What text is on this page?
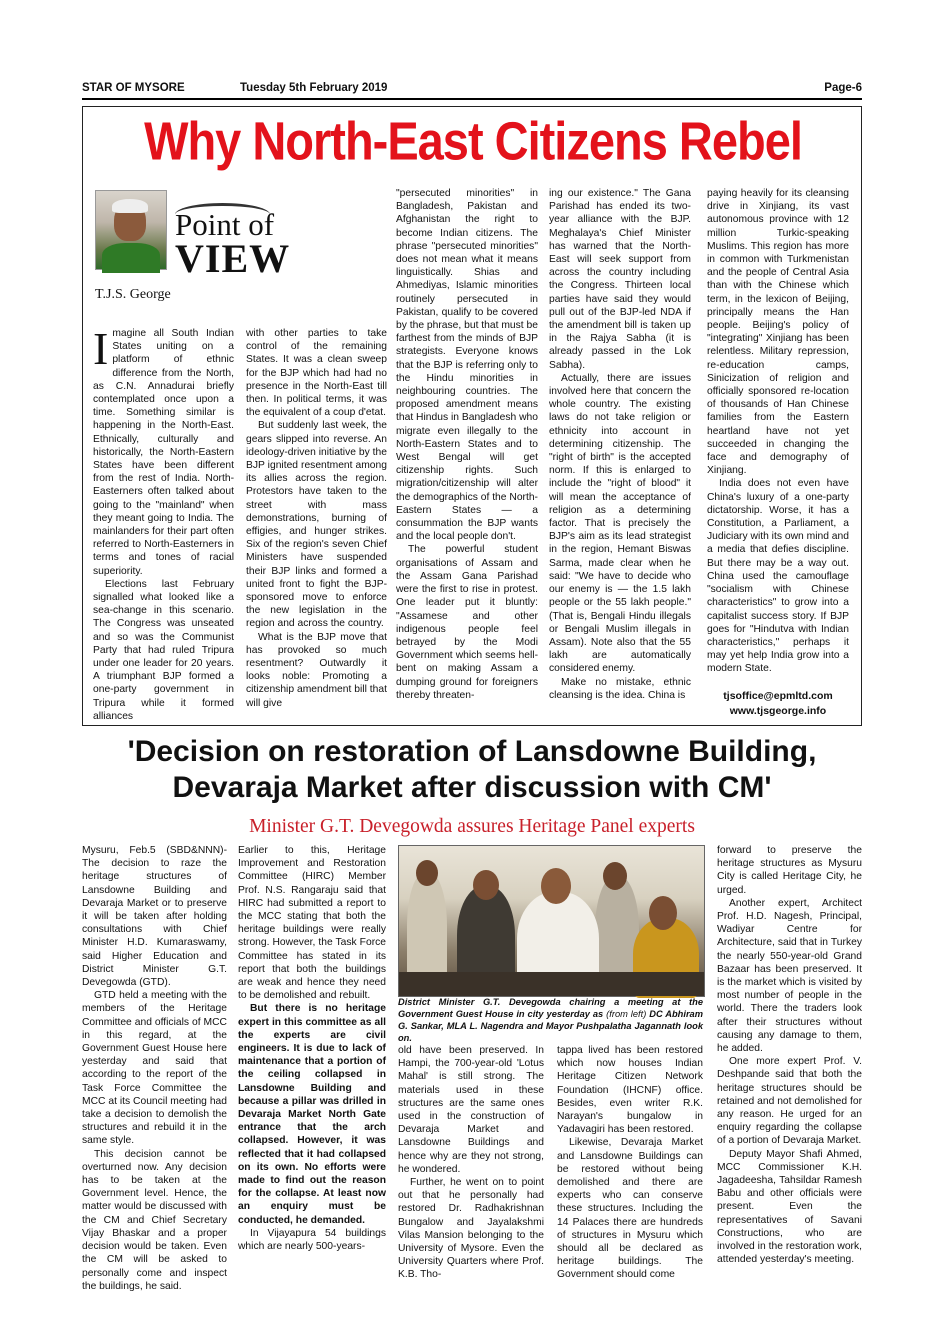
STAR OF MYSORE	Tuesday 5th February 2019	Page-6
Why North-East Citizens Rebel
Point of
VIEW
T.J.S. George

Imagine all South Indian States uniting on a platform of ethnic difference from the North, as C.N. Annadurai briefly contemplated once upon a time. Something similar is happening in the North-East. Ethnically, culturally and historically, the North-Eastern States have been different from the rest of India. North-Easterners often talked about going to the "mainland" when they meant going to India. The mainlanders for their part often referred to North-Easterners in terms and tones of racial superiority.

Elections last February signalled what looked like a sea-change in this scenario. The Congress was unseated and so was the Communist Party that had ruled Tripura under one leader for 20 years. A triumphant BJP formed a one-party government in Tripura while it formed alliances

with other parties to take control of the remaining States. It was a clean sweep for the BJP which had had no presence in the North-East till then. In political terms, it was the equivalent of a coup d'etat.

But suddenly last week, the gears slipped into reverse. An ideology-driven initiative by the BJP ignited resentment among its allies across the region. Protestors have taken to the street with mass demonstrations, burning of effigies, and hunger strikes. Six of the region's seven Chief Ministers have suspended their BJP links and formed a united front to fight the BJP-sponsored move to enforce the new legislation in the region and across the country.

What is the BJP move that has provoked so much resentment? Outwardly it looks noble: Promoting a citizenship amendment bill that will give

"persecuted minorities" in Bangladesh, Pakistan and Afghanistan the right to become Indian citizens. The phrase "persecuted minorities" does not mean what it means linguistically. Shias and Ahmediyas, Islamic minorities routinely persecuted in Pakistan, qualify to be covered by the phrase, but that must be farthest from the minds of BJP strategists. Everyone knows that the BJP is referring only to the Hindu minorities in neighbouring countries. The proposed amendment means that Hindus in Bangladesh who migrate even illegally to the North-Eastern States and to West Bengal will get citizenship rights. Such migration/citizenship will alter the demographics of the North-Eastern States — a consummation the BJP wants and the local people don't.

The powerful student organisations of Assam and the Assam Gana Parishad were the first to rise in protest. One leader put it bluntly: "Assamese and other indigenous people feel betrayed by the Modi Government which seems hell-bent on making Assam a dumping ground for foreigners thereby threaten-

ing our existence." The Gana Parishad has ended its two-year alliance with the BJP. Meghalaya's Chief Minister has warned that the North-East will seek support from across the country including the Congress. Thirteen local parties have said they would pull out of the BJP-led NDA if the amendment bill is taken up in the Rajya Sabha (it is already passed in the Lok Sabha).

Actually, there are issues involved here that concern the whole country. The existing laws do not take religion or ethnicity into account in determining citizenship. The "right of birth" is the accepted norm. If this is enlarged to include the "right of blood" it will mean the acceptance of religion as a determining factor. That is precisely the BJP's aim as its lead strategist in the region, Hemant Biswas Sarma, made clear when he said: "We have to decide who our enemy is — the 1.5 lakh people or the 55 lakh people." (That is, Bengali Hindu illegals or Bengali Muslim illegals in Assam). Note also that the 55 lakh are automatically considered enemy.

Make no mistake, ethnic cleansing is the idea. China is

paying heavily for its cleansing drive in Xinjiang, its vast autonomous province with 12 million Turkic-speaking Muslims. This region has more in common with Turkmenistan and the people of Central Asia than with the Chinese which term, in the lexicon of Beijing, principally means the Han people. Beijing's policy of "integrating" Xinjiang has been relentless. Military repression, re-education camps, Sinicization of religion and officially sponsored re-location of thousands of Han Chinese families from the Eastern heartland have not yet succeeded in changing the face and demography of Xinjiang.

India does not even have China's luxury of a one-party dictatorship. Worse, it has a Constitution, a Parliament, a Judiciary with its own mind and a media that defies discipline. But there may be a way out. China used the camouflage "socialism with Chinese characteristics" to grow into a capitalist success story. If BJP goes for "Hindutva with Indian characteristics," perhaps it may yet help India grow into a modern State.

tjsoffice@epmltd.com
www.tjsgeorge.info
'Decision on restoration of Lansdowne Building,
Devaraja Market after discussion with CM'
Minister G.T. Devegowda assures Heritage Panel experts

Mysuru, Feb.5 (SBD&NNN)- The decision to raze the heritage structures of Lansdowne Building and Devaraja Market or to preserve it will be taken after holding consultations with Chief Minister H.D. Kumaraswamy, said Higher Education and District Minister G.T. Devegowda (GTD).

GTD held a meeting with the members of the Heritage Committee and officials of MCC in this regard, at the Government Guest House here yesterday and said that according to the report of the Task Force Committee the MCC at its Council meeting had take a decision to demolish the structures and rebuild it in the same style.

This decision cannot be overturned now. Any decision has to be taken at the Government level. Hence, the matter would be discussed with the CM and Chief Secretary Vijay Bhaskar and a proper decision would be taken. Even the CM will be asked to personally come and inspect the buildings, he said.

Earlier to this, Heritage Improvement and Restoration Committee (HIRC) Member Prof. N.S. Rangaraju said that HIRC had submitted a report to the MCC stating that both the heritage buildings were really strong. However, the Task Force Committee has stated in its report that both the buildings are weak and hence they need to be demolished and rebuilt.

But there is no heritage expert in this committee as all the experts are civil engineers. It is due to lack of maintenance that a portion of the ceiling collapsed in Lansdowne Building and because a pillar was drilled in Devaraja Market North Gate entrance that the arch collapsed. However, it was reflected that it had collapsed on its own. No efforts were made to find out the reason for the collapse. At least now an enquiry must be conducted, he demanded.

In Vijayapura 54 buildings which are nearly 500-years-

District Minister G.T. Devegowda chairing a meeting at the Government Guest House in city yesterday as (from left) DC Abhiram G. Sankar, MLA L. Nagendra and Mayor Pushpalatha Jagannath look on.

old have been preserved. In Hampi, the 700-year-old 'Lotus Mahal' is still strong. The materials used in these structures are the same ones used in the construction of Devaraja Market and Lansdowne Buildings and hence why are they not strong, he wondered.

Further, he went on to point out that he personally had restored Dr. Radhakrishnan Bungalow and Jayalakshmi Vilas Mansion belonging to the University of Mysore. Even the University Quarters where Prof. K.B. Tho-

tappa lived has been restored which now houses Indian Heritage Citizen Network Foundation (IHCNF) office. Besides, even writer R.K. Narayan's bungalow in Yadavagiri has been restored.

Likewise, Devaraja Market and Lansdowne Buildings can be restored without being demolished and there are experts who can conserve these structures. Including the 14 Palaces there are hundreds of structures in Mysuru which should all be declared as heritage buildings. The Government should come

forward to preserve the heritage structures as Mysuru City is called Heritage City, he urged.

Another expert, Architect Prof. H.D. Nagesh, Principal, Wadiyar Centre for Architecture, said that in Turkey the nearly 550-year-old Grand Bazaar has been preserved. It is the market which is visited by most number of people in the world. There the traders look after their structures without causing any damage to them, he added.

One more expert Prof. V. Deshpande said that both the heritage structures should be retained and not demolished for any reason. He urged for an enquiry regarding the collapse of a portion of Devaraja Market.

Deputy Mayor Shafi Ahmed, MCC Commissioner K.H. Jagadeesha, Tahsildar Ramesh Babu and other officials were present. Even the representatives of Savani Constructions, who are involved in the restoration work, attended yesterday's meeting.
